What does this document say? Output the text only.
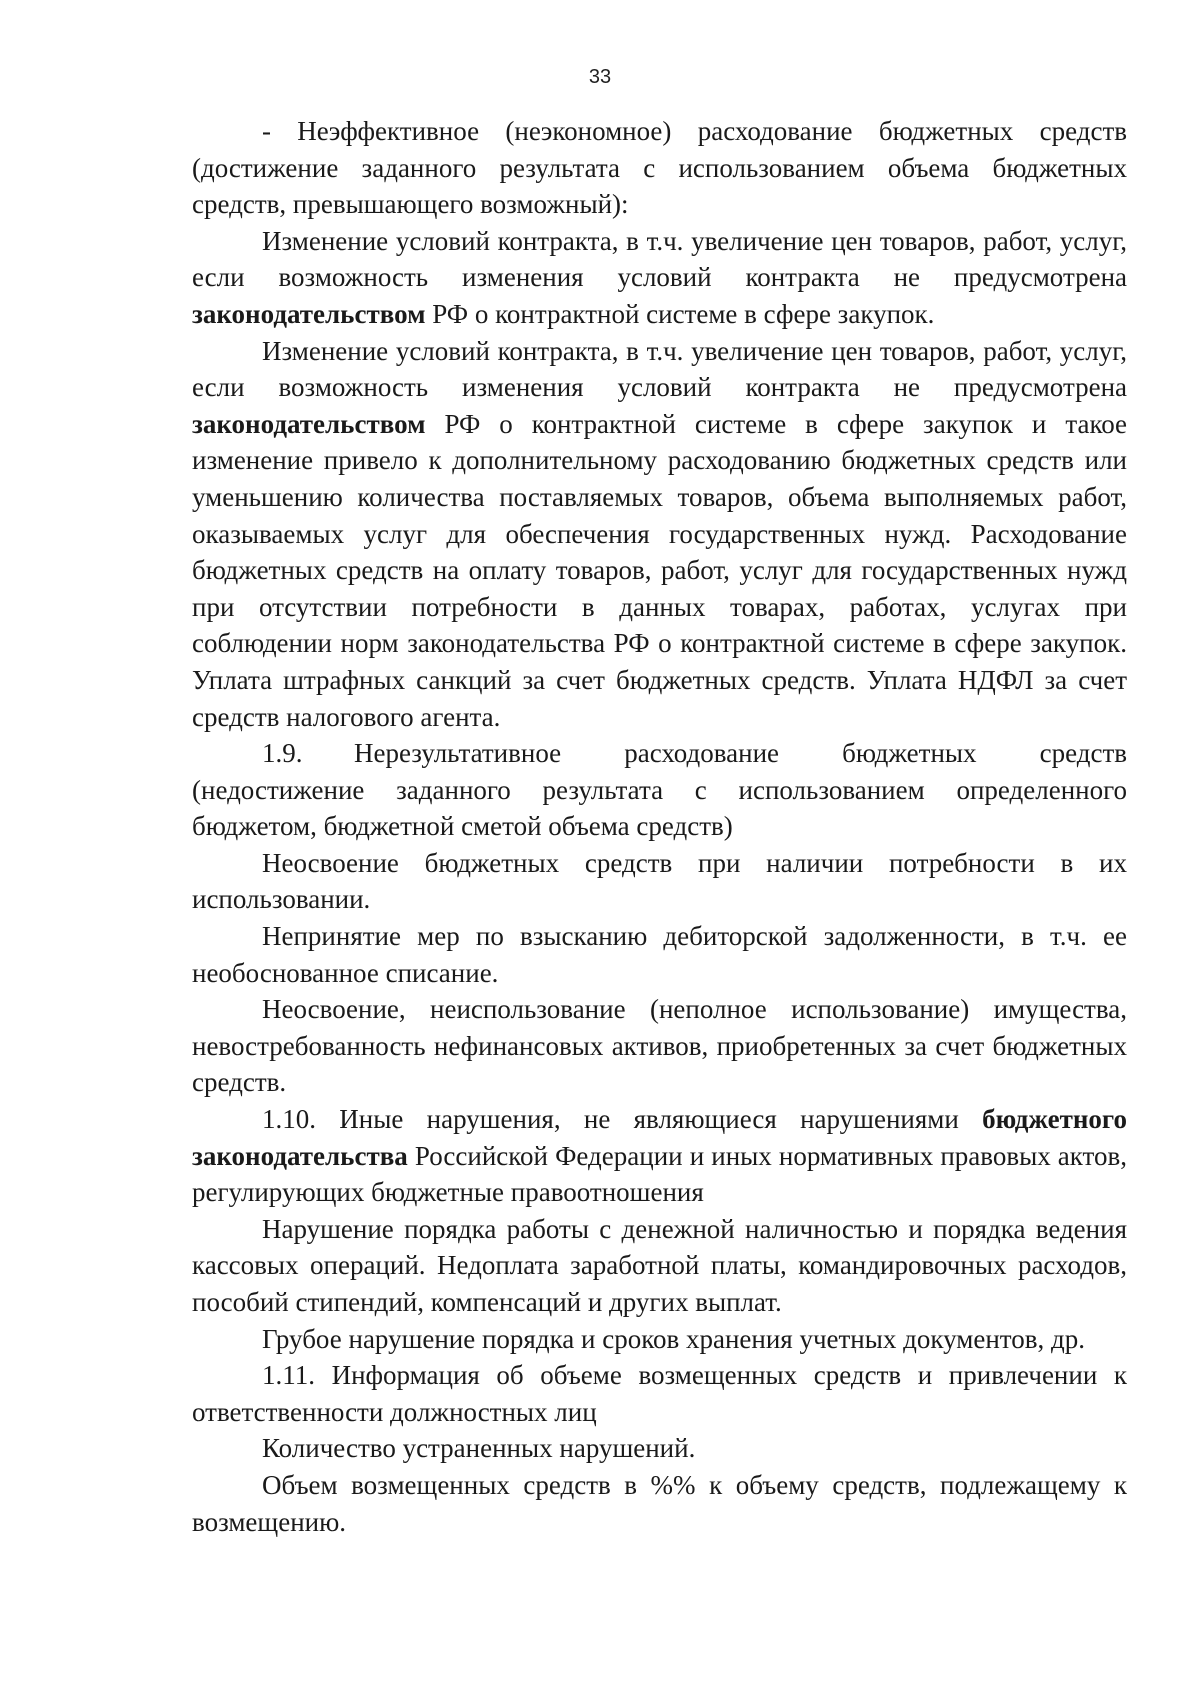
33

- Неэффективное (неэкономное) расходование бюджетных средств (достижение заданного результата с использованием объема бюджетных средств, превышающего возможный):

Изменение условий контракта, в т.ч. увеличение цен товаров, работ, услуг, если возможность изменения условий контракта не предусмотрена законодательством РФ о контрактной системе в сфере закупок.

Изменение условий контракта, в т.ч. увеличение цен товаров, работ, услуг, если возможность изменения условий контракта не предусмотрена законодательством РФ о контрактной системе в сфере закупок и такое изменение привело к дополнительному расходованию бюджетных средств или уменьшению количества поставляемых товаров, объема выполняемых работ, оказываемых услуг для обеспечения государственных нужд. Расходование бюджетных средств на оплату товаров, работ, услуг для государственных нужд при отсутствии потребности в данных товарах, работах, услугах при соблюдении норм законодательства РФ о контрактной системе в сфере закупок. Уплата штрафных санкций за счет бюджетных средств. Уплата НДФЛ за счет средств налогового агента.

1.9. Нерезультативное расходование бюджетных средств (недостижение заданного результата с использованием определенного бюджетом, бюджетной сметой объема средств)

Неосвоение бюджетных средств при наличии потребности в их использовании.

Непринятие мер по взысканию дебиторской задолженности, в т.ч. ее необоснованное списание.

Неосвоение, неиспользование (неполное использование) имущества, невостребованность нефинансовых активов, приобретенных за счет бюджетных средств.

1.10. Иные нарушения, не являющиеся нарушениями бюджетного законодательства Российской Федерации и иных нормативных правовых актов, регулирующих бюджетные правоотношения

Нарушение порядка работы с денежной наличностью и порядка ведения кассовых операций. Недоплата заработной платы, командировочных расходов, пособий стипендий, компенсаций и других выплат.

Грубое нарушение порядка и сроков хранения учетных документов, др.

1.11. Информация об объеме возмещенных средств и привлечении к ответственности должностных лиц

Количество устраненных нарушений.

Объем возмещенных средств в %% к объему средств, подлежащему к возмещению.
